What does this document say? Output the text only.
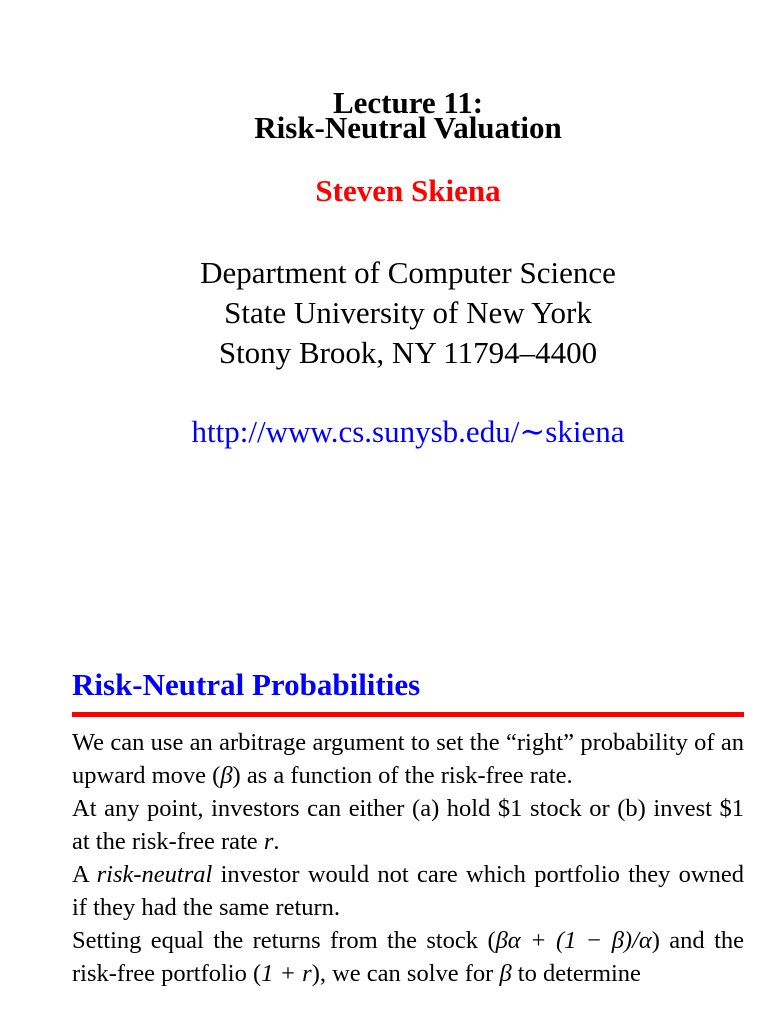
Lecture 11:
Risk-Neutral Valuation
Steven Skiena
Department of Computer Science
State University of New York
Stony Brook, NY 11794–4400
http://www.cs.sunysb.edu/∼skiena
Risk-Neutral Probabilities

We can use an arbitrage argument to set the “right” probability of an upward move (β) as a function of the risk-free rate.

At any point, investors can either (a) hold $1 stock or (b) invest $1 at the risk-free rate r.

A risk-neutral investor would not care which portfolio they owned if they had the same return.

Setting equal the returns from the stock (βα + (1 − β)/α) and the risk-free portfolio (1 + r), we can solve for β to determine
